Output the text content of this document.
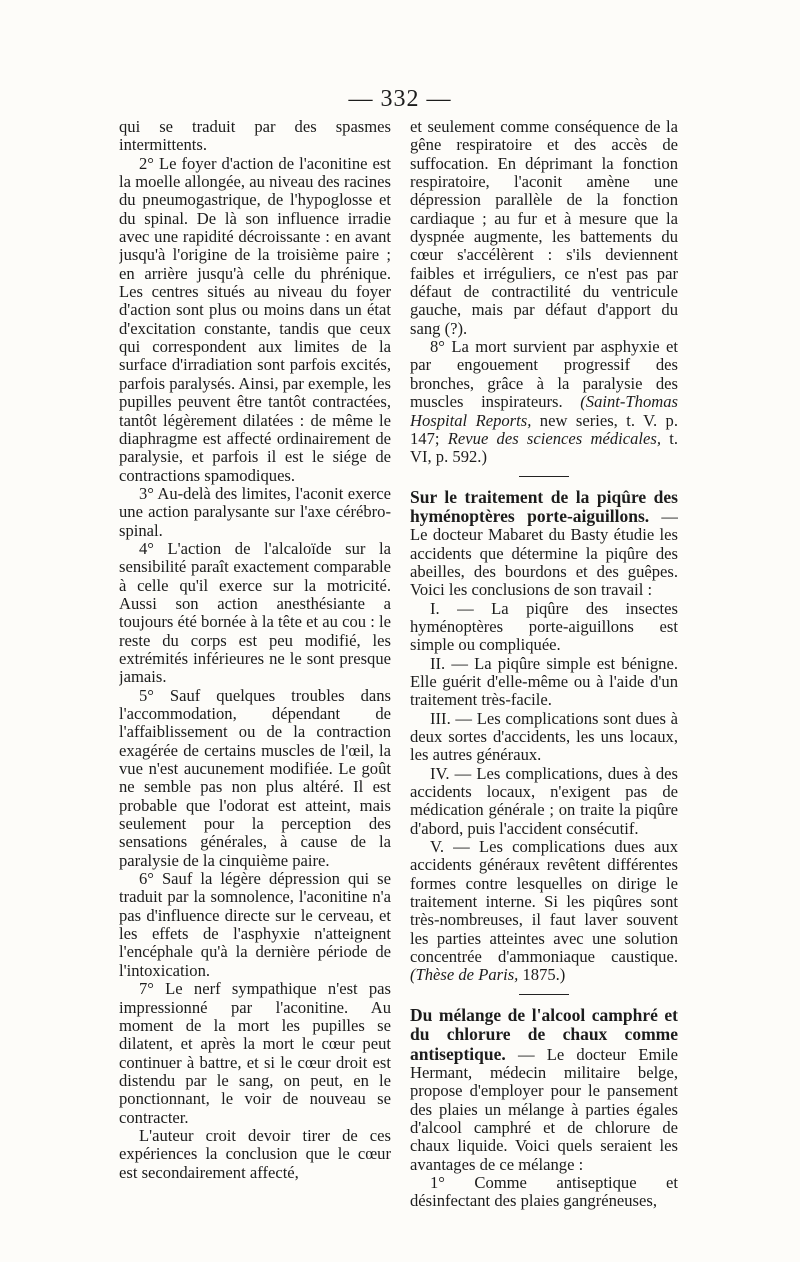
— 332 —

qui se traduit par des spasmes intermittents.

2° Le foyer d'action de l'aconitine est la moelle allongée, au niveau des racines du pneumogastrique, de l'hypoglosse et du spinal. De là son influence irradie avec une rapidité décroissante : en avant jusqu'à l'origine de la troisième paire ; en arrière jusqu'à celle du phrénique. Les centres situés au niveau du foyer d'action sont plus ou moins dans un état d'excitation constante, tandis que ceux qui correspondent aux limites de la surface d'irradiation sont parfois excités, parfois paralysés. Ainsi, par exemple, les pupilles peuvent être tantôt contractées, tantôt légèrement dilatées : de même le diaphragme est affecté ordinairement de paralysie, et parfois il est le siége de contractions spamodiques.

3° Au-delà des limites, l'aconit exerce une action paralysante sur l'axe cérébro-spinal.

4° L'action de l'alcaloïde sur la sensibilité paraît exactement comparable à celle qu'il exerce sur la motricité. Aussi son action anesthésiante a toujours été bornée à la tête et au cou : le reste du corps est peu modifié, les extrémités inférieures ne le sont presque jamais.

5° Sauf quelques troubles dans l'accommodation, dépendant de l'affaiblissement ou de la contraction exagérée de certains muscles de l'œil, la vue n'est aucunement modifiée. Le goût ne semble pas non plus altéré. Il est probable que l'odorat est atteint, mais seulement pour la perception des sensations générales, à cause de la paralysie de la cinquième paire.

6° Sauf la légère dépression qui se traduit par la somnolence, l'aconitine n'a pas d'influence directe sur le cerveau, et les effets de l'asphyxie n'atteignent l'encéphale qu'à la dernière période de l'intoxication.

7° Le nerf sympathique n'est pas impressionné par l'aconitine. Au moment de la mort les pupilles se dilatent, et après la mort le cœur peut continuer à battre, et si le cœur droit est distendu par le sang, on peut, en le ponctionnant, le voir de nouveau se contracter.

L'auteur croit devoir tirer de ces expériences la conclusion que le cœur est secondairement affecté,

et seulement comme conséquence de la gêne respiratoire et des accès de suffocation. En déprimant la fonction respiratoire, l'aconit amène une dépression parallèle de la fonction cardiaque ; au fur et à mesure que la dyspnée augmente, les battements du cœur s'accélèrent : s'ils deviennent faibles et irréguliers, ce n'est pas par défaut de contractilité du ventricule gauche, mais par défaut d'apport du sang (?).

8° La mort survient par asphyxie et par engouement progressif des bronches, grâce à la paralysie des muscles inspirateurs. (Saint-Thomas Hospital Reports, new series, t. V. p. 147; Revue des sciences médicales, t. VI, p. 592.)

Sur le traitement de la piqûre des hyménoptères porte-aiguillons. — Le docteur Mabaret du Basty étudie les accidents que détermine la piqûre des abeilles, des bourdons et des guêpes. Voici les conclusions de son travail :

I. — La piqûre des insectes hyménoptères porte-aiguillons est simple ou compliquée.

II. — La piqûre simple est bénigne. Elle guérit d'elle-même ou à l'aide d'un traitement très-facile.

III. — Les complications sont dues à deux sortes d'accidents, les uns locaux, les autres généraux.

IV. — Les complications, dues à des accidents locaux, n'exigent pas de médication générale ; on traite la piqûre d'abord, puis l'accident consécutif.

V. — Les complications dues aux accidents généraux revêtent différentes formes contre lesquelles on dirige le traitement interne. Si les piqûres sont très-nombreuses, il faut laver souvent les parties atteintes avec une solution concentrée d'ammoniaque caustique. (Thèse de Paris, 1875.)

Du mélange de l'alcool camphré et du chlorure de chaux comme antiseptique. — Le docteur Emile Hermant, médecin militaire belge, propose d'employer pour le pansement des plaies un mélange à parties égales d'alcool camphré et de chlorure de chaux liquide. Voici quels seraient les avantages de ce mélange :

1° Comme antiseptique et désinfectant des plaies gangréneuses,
